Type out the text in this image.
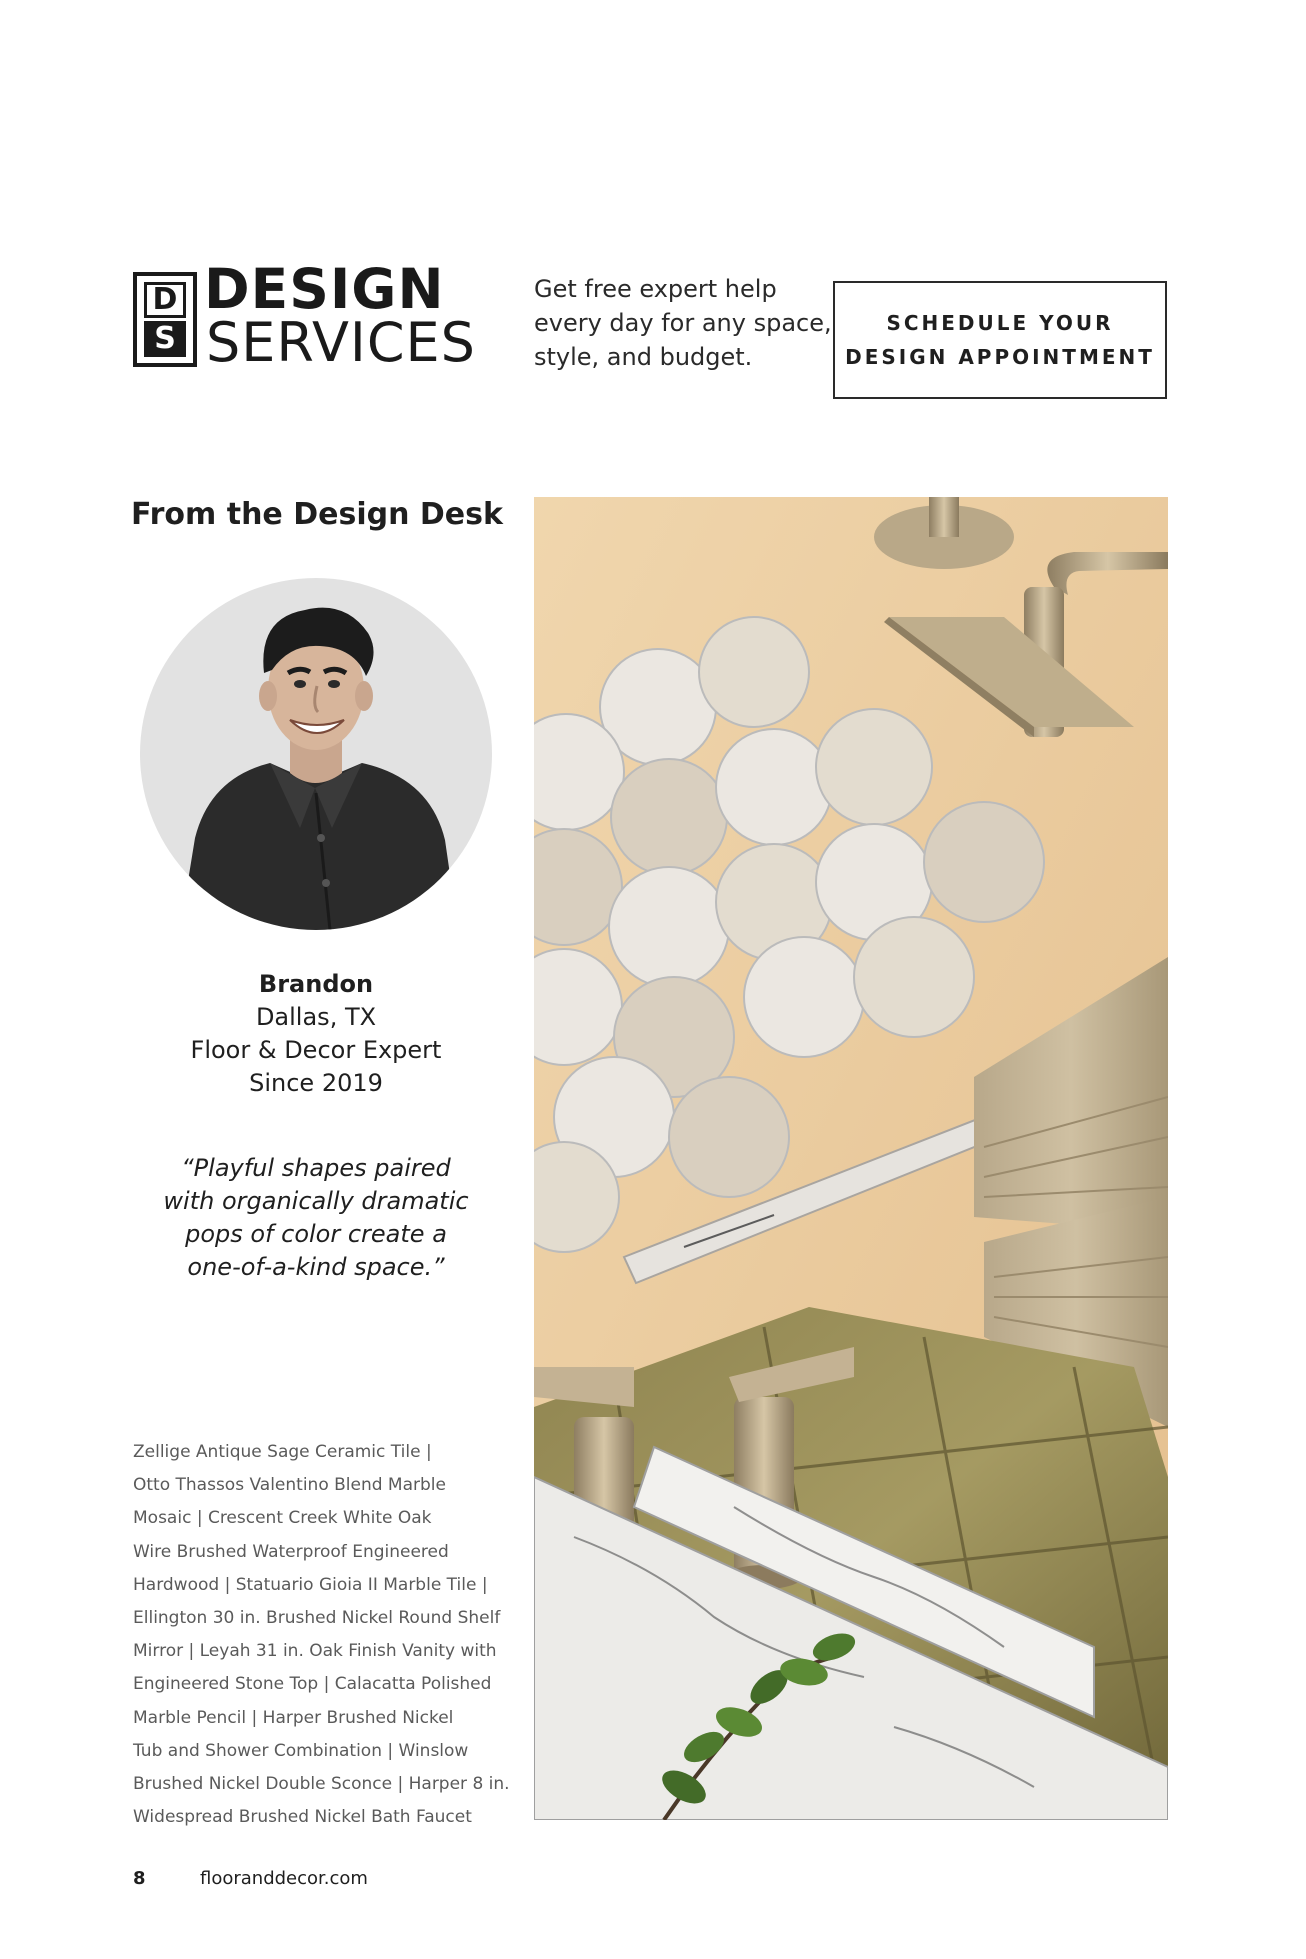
D
S
DESIGN
SERVICES
Get free expert help
every day for any space,
style, and budget.
SCHEDULE YOUR
DESIGN APPOINTMENT
From the Design Desk
Brandon
Dallas, TX
Floor & Decor Expert
Since 2019
“Playful shapes paired
with organically dramatic
pops of color create a
one-of-a-kind space.”
Zellige Antique Sage Ceramic Tile |
Otto Thassos Valentino Blend Marble
Mosaic | Crescent Creek White Oak
Wire Brushed Waterproof Engineered
Hardwood | Statuario Gioia II Marble Tile |
Ellington 30 in. Brushed Nickel Round Shelf
Mirror | Leyah 31 in. Oak Finish Vanity with
Engineered Stone Top | Calacatta Polished
Marble Pencil | Harper Brushed Nickel
Tub and Shower Combination | Winslow
Brushed Nickel Double Sconce | Harper 8 in.
Widespread Brushed Nickel Bath Faucet
8	flooranddecor.com
